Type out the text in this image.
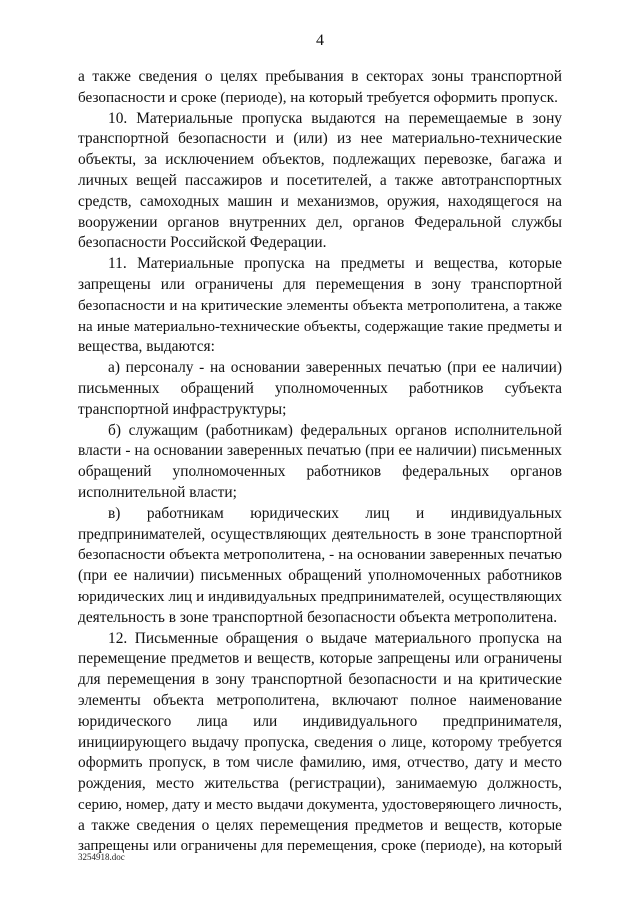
4
а также сведения о целях пребывания в секторах зоны транспортной
безопасности и сроке (периоде), на который требуется оформить пропуск.
10. Материальные пропуска выдаются на перемещаемые в зону
транспортной безопасности и (или) из нее материально-технические
объекты, за исключением объектов, подлежащих перевозке, багажа и
личных вещей пассажиров и посетителей, а также автотранспортных
средств, самоходных машин и механизмов, оружия, находящегося на
вооружении органов внутренних дел, органов Федеральной службы
безопасности Российской Федерации.
11. Материальные пропуска на предметы и вещества, которые
запрещены или ограничены для перемещения в зону транспортной
безопасности и на критические элементы объекта метрополитена, а также
на иные материально-технические объекты, содержащие такие предметы и
вещества, выдаются:
а) персоналу - на основании заверенных печатью (при ее наличии)
письменных обращений уполномоченных работников субъекта
транспортной инфраструктуры;
б) служащим (работникам) федеральных органов исполнительной
власти - на основании заверенных печатью (при ее наличии) письменных
обращений уполномоченных работников федеральных органов
исполнительной власти;
в) работникам юридических лиц и индивидуальных
предпринимателей, осуществляющих деятельность в зоне транспортной
безопасности объекта метрополитена, - на основании заверенных печатью
(при ее наличии) письменных обращений уполномоченных работников
юридических лиц и индивидуальных предпринимателей, осуществляющих
деятельность в зоне транспортной безопасности объекта метрополитена.
12. Письменные обращения о выдаче материального пропуска на
перемещение предметов и веществ, которые запрещены или ограничены
для перемещения в зону транспортной безопасности и на критические
элементы объекта метрополитена, включают полное наименование
юридического лица или индивидуального предпринимателя,
инициирующего выдачу пропуска, сведения о лице, которому требуется
оформить пропуск, в том числе фамилию, имя, отчество, дату и место
рождения, место жительства (регистрации), занимаемую должность,
серию, номер, дату и место выдачи документа, удостоверяющего личность,
а также сведения о целях перемещения предметов и веществ, которые
запрещены или ограничены для перемещения, сроке (периоде), на который
3254918.doc
